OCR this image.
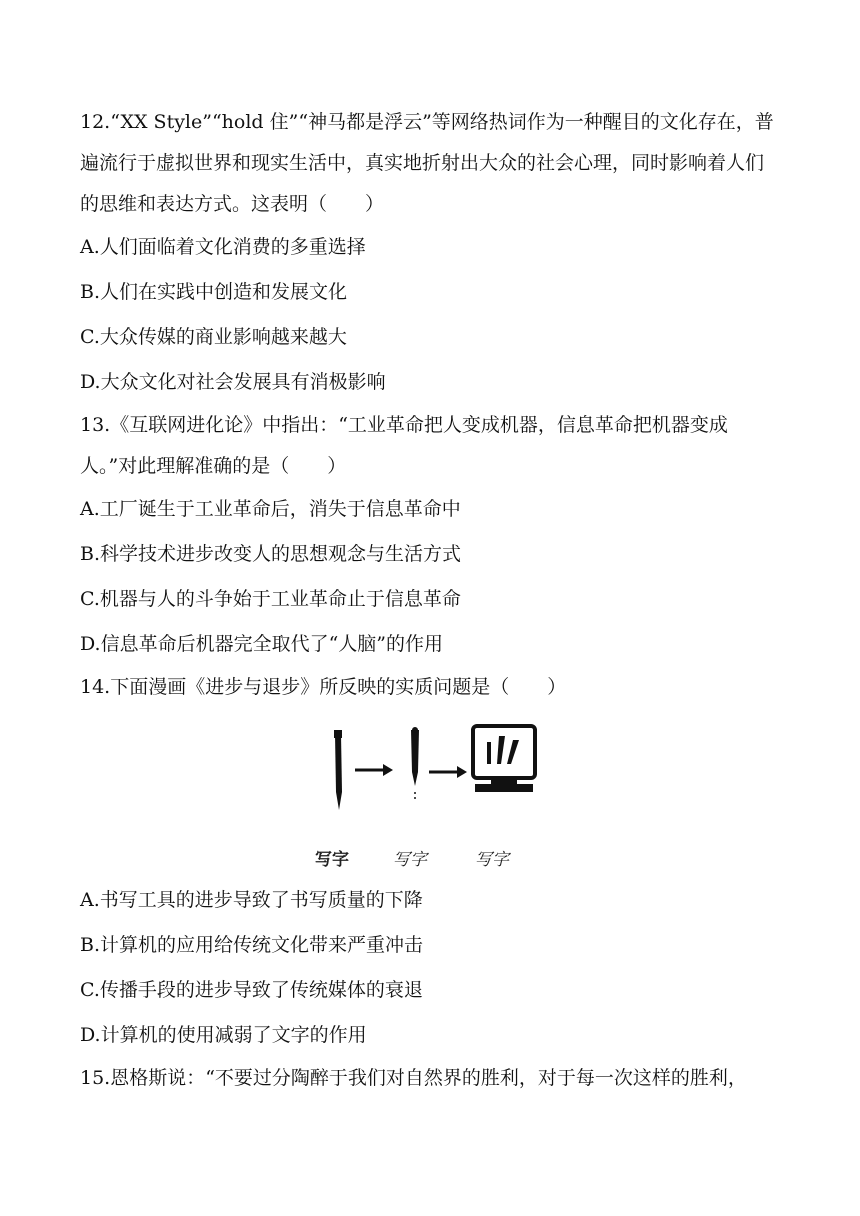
12.“XX Style”“hold 住”“神马都是浮云”等网络热词作为一种醒目的文化存在，普遍流行于虚拟世界和现实生活中，真实地折射出大众的社会心理，同时影响着人们的思维和表达方式。这表明（　　）

A.人们面临着文化消费的多重选择

B.人们在实践中创造和发展文化

C.大众传媒的商业影响越来越大

D.大众文化对社会发展具有消极影响

13.《互联网进化论》中指出：“工业革命把人变成机器，信息革命把机器变成人。”对此理解准确的是（　　）

A.工厂诞生于工业革命后，消失于信息革命中

B.科学技术进步改变人的思想观念与生活方式

C.机器与人的斗争始于工业革命止于信息革命

D.信息革命后机器完全取代了“人脑”的作用

14.下面漫画《进步与退步》所反映的实质问题是（　　）

写字	写字	写字

A.书写工具的进步导致了书写质量的下降

B.计算机的应用给传统文化带来严重冲击

C.传播手段的进步导致了传统媒体的衰退

D.计算机的使用减弱了文字的作用

15.恩格斯说：“不要过分陶醉于我们对自然界的胜利，对于每一次这样的胜利，
